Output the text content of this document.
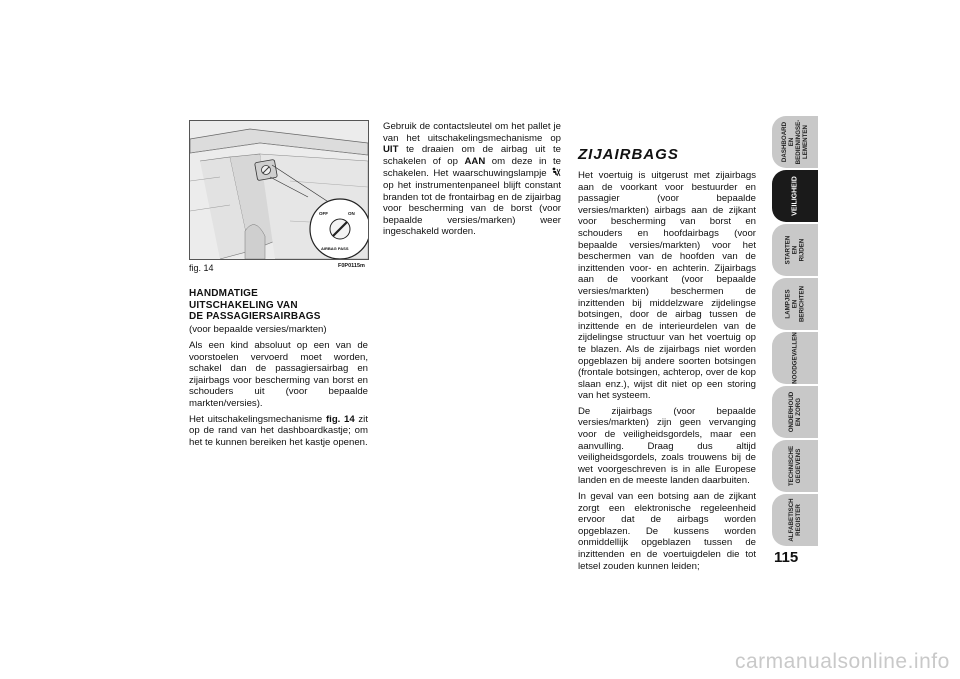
OFF	ON
AIRBAG PASS
fig. 14	F0P0115m
HANDMATIGE
UITSCHAKELING VAN
DE PASSAGIERSAIRBAGS
(voor bepaalde versies/markten)

Als een kind absoluut op een van de voorstoelen vervoerd moet worden, schakel dan de passagiersairbag en zijairbags voor bescherming van borst en schouders uit (voor bepaalde markten/versies).

Het uitschakelingsmechanisme fig. 14 zit op de rand van het dashboardkastje; om het te kunnen bereiken het kastje openen.

Gebruik de contactsleutel om het pallet je van het uitschakelingsmechanisme op UIT te draaien om de airbag uit te schakelen of op AAN om deze in te schakelen. Het waarschuwingslampje  op het instrumentenpaneel blijft constant branden tot de frontairbag en de zijairbag voor bescherming van de borst (voor bepaalde versies/marken) weer ingeschakeld worden.

ZIJAIRBAGS

Het voertuig is uitgerust met zijairbags aan de voorkant voor bestuurder en passagier (voor bepaalde versies/markten) airbags aan de zijkant voor bescherming van borst en schouders en hoofdairbags (voor bepaalde versies/markten) voor het beschermen van de hoofden van de inzittenden voor- en achterin. Zijairbags aan de voorkant (voor bepaalde versies/markten) beschermen de inzittenden bij middelzware zijdelingse botsingen, door de airbag tussen de inzittende en de interieurdelen van de zijdelingse structuur van het voertuig op te blazen. Als de zijairbags niet worden opgeblazen bij andere soorten botsingen (frontale botsingen, achterop, over de kop slaan enz.), wijst dit niet op een storing van het systeem.

De zijairbags (voor bepaalde versies/markten) zijn geen vervanging voor de veiligheidsgordels, maar een aanvulling. Draag dus altijd veiligheidsgordels, zoals trouwens bij de wet voorgeschreven is in alle Europese landen en de meeste landen daarbuiten.

In geval van een botsing aan de zijkant zorgt een elektronische regeleenheid ervoor dat de airbags worden opgeblazen. De kussens worden onmiddellijk opgeblazen tussen de inzittenden en de voertuigdelen die tot letsel zouden kunnen leiden;

DASHBOARD EN
BEDIENINGSE-
LEMENTEN
VEILIGHEID
STARTEN EN
RIJDEN
LAMPJES EN
BERICHTEN
NOODGEVALLEN
ONDERHOUD
EN ZORG
TECHNISCHE
GEGEVENS
ALFABETISCH
REGISTER
115
carmanualsonline.info
